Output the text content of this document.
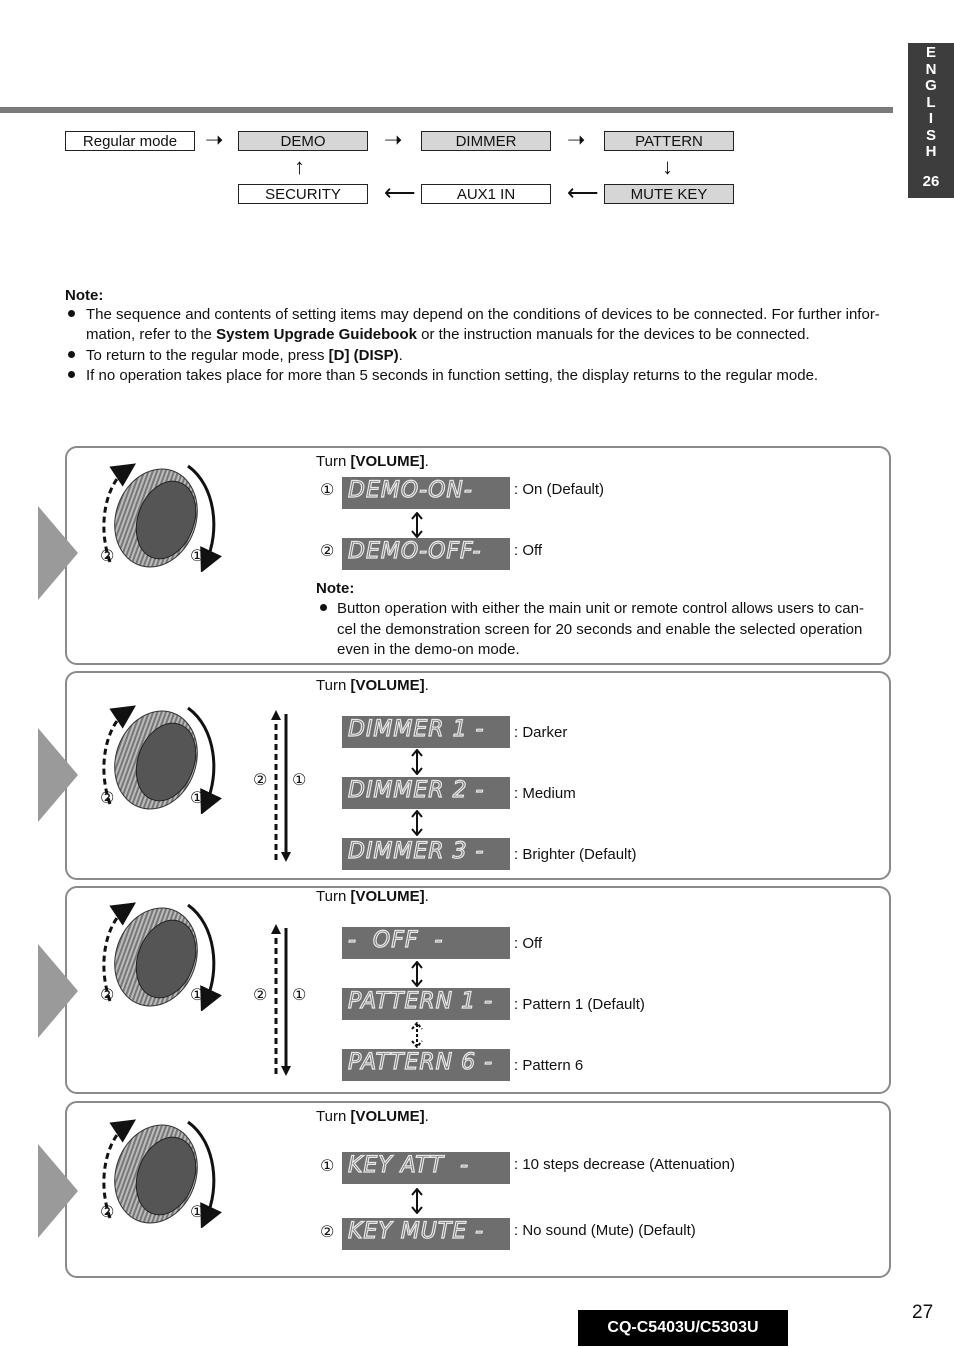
E
N
G
L
I
S
H
26
Regular mode	➝	DEMO	➝	DIMMER	➝	PATTERN
↓
MUTE KEY
⟵
AUX1 IN
⟵
SECURITY
↑
Note:
The sequence and contents of setting items may depend on the conditions of devices to be connected. For further infor-
mation, refer to the System Upgrade Guidebook or the instruction manuals for the devices to be connected.
To return to the regular mode, press [D] (DISP).
If no operation takes place for more than 5 seconds in function setting, the display returns to the regular mode.
②	①
Turn [VOLUME].
① DEMO-ON-	: On (Default)
② DEMO-OFF- : Off
Note:
Button operation with either the main unit or remote control allows users to can-
cel the demonstration screen for 20 seconds and enable the selected operation
even in the demo-on mode.
②	①
② ①
Turn [VOLUME].
DIMMER 1 - : Darker
DIMMER 2 - : Medium
DIMMER 3 - : Brighter (Default)
②	①	② ①
Turn [VOLUME].
-  OFF  -	: Off
PATTERN 1 - : Pattern 1 (Default)
PATTERN 6 - : Pattern 6
②	①
Turn [VOLUME].
① KEY ATT  -	: 10 steps decrease (Attenuation)
② KEY MUTE - : No sound (Mute) (Default)
CQ-C5403U/C5303U
27
